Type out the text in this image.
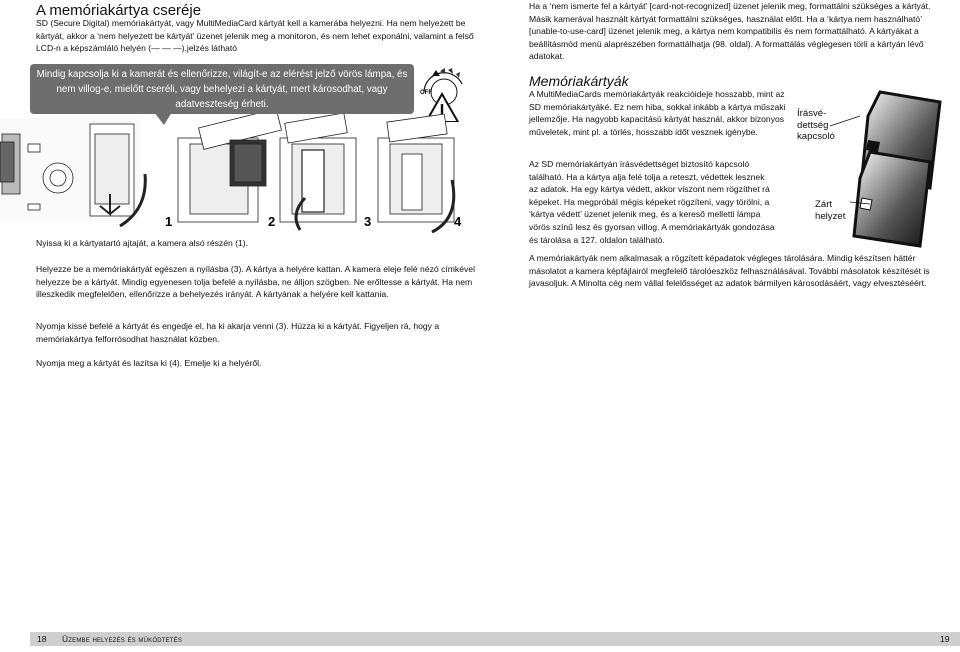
A memóriakártya cseréje
SD (Secure Digital) memóriakártyát, vagy MultiMediaCard kártyát kell a kamerába helyezni. Ha nem helyezett be kártyát, akkor a ‘nem helyezett be kártyát’ üzenet jelenik meg a monitoron, és nem lehet exponálni, valamint a felső LCD-n a képszámláló helyén (— — —).jelzés látható
Mindig kapcsolja ki a kamerát és ellenőrizze, világít-e az elérést jelző vörös lámpa, és nem villog-e, mielőtt cseréli, vagy behelyezi a kártyát, mert károsodhat, vagy adatveszteség érheti.
OFF
1	2	3	4
Nyissa ki a kártyatartó ajtaját, a kamera alsó részén (1).
Helyezze be a memóriakártyát egészen a nyílásba (3). A kártya a helyére kattan. A kamera eleje felé nézó címkével helyezze be a kártyát. Mindig egyenesen tolja befelé a nyílásba, ne álljon szögben. Ne erőltesse a kártyát. Ha nem illeszkedik megfelelően, ellenőrizze a behelyezés irányát. A kártyának a helyére kell kattania.
Nyomja kissé befelé a kártyát és engedje el, ha ki akarja venni (3). Húzza ki a kártyát. Figyeljen rá, hogy a memóriakártya felforrósodhat használat közben.
Nyomja meg a kártyát és lazítsa ki (4). Emelje ki a helyéről.
Ha a ‘nem ismerte fel a kártyát’ [card-not-recognized] üzenet jelenik meg, formattálni szükséges a kártyát. Másik kamerával használt kártyát formattálni szükséges, használat előtt. Ha a ‘kártya nem használható’ [unable-to-use-card] üzenet jelenik meg, a kártya nem kompatibilis és nem formattálható. A kártyákat a beállításmód menü alaprészében formattálhatja (98. oldal). A formattálás véglegesen törli a kártyán lévő adatokat.
Memóriakártyák
A MultiMediaCards memóriakártyák reakcióideje hosszabb, mint az SD memóriakártyáké. Ez nem hiba, sokkal inkább a kártya műszaki jellemzője. Ha nagyobb kapacitású kártyát használ, akkor bizonyos műveletek, mint pl. a törlés, hosszabb időt vesznek igénybe.
Az SD memóriakártyán írásvédettséget biztosító kapcsoló található. Ha a kártya alja felé tolja a reteszt, védettek lesznek az adatok. Ha egy kártya védett, akkor viszont nem rögzíthet rá képeket. Ha megpróbál mégis képeket rögzíteni, vagy törölni, a ‘kártya védett’ üzenet jelenik meg, és a kereső melletti lámpa vörös színű lesz és gyorsan villog. A memóriakártyák gondozása és tárolása a 127. oldalon található.
A memóriakártyák nem alkalmasak a rögzített képadatok végleges tárolására. Mindig készítsen háttér másolatot a kamera képfájlairól megfelelő tárolóeszköz felhasználásával. További másolatok készítését is javasoljuk. A Minolta cég nem vállal felelősséget az adatok bármilyen károsodásáért, vagy elvesztéséért.
Írásvé-
dettség
kapcsoló
Zárt
helyzet
18 Üzembe helyezés és működtetés	19
